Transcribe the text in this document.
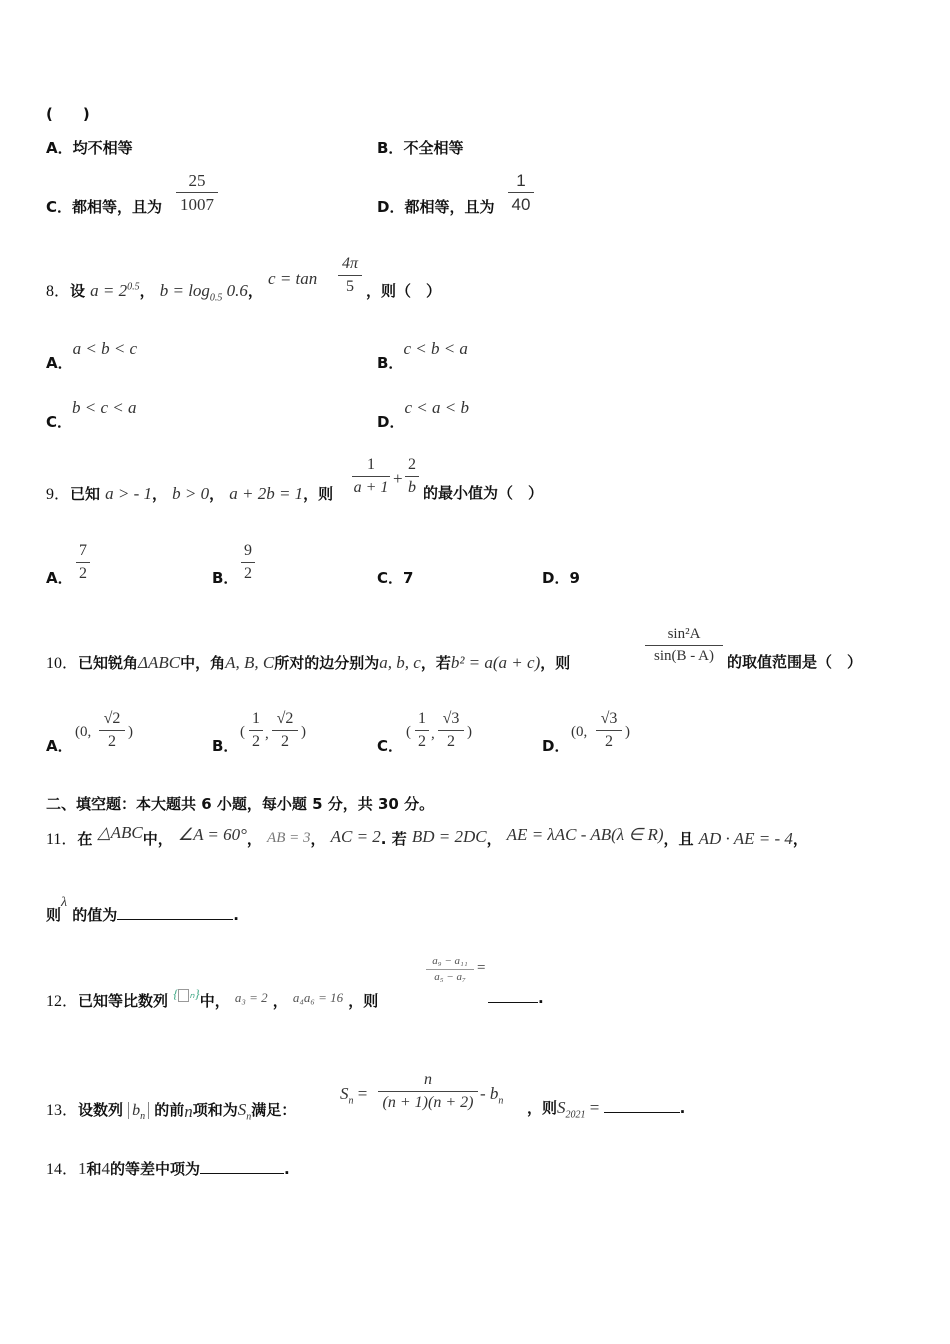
(　　)
A．均不相等	B．不全相等
C．都相等，且为
25
1007	D．都相等，且为
1
40
8．设 $a = 2^{0.5}$， $b = \log_{0.5} 0.6$， c = tan
4π
5 ，则（　）
A．a < b < c
B．c < b < a
C．b < c < a
D．c < a < b
9．已知 a > - 1， b > 0， a + 2b = 1，则
1
a + 1 +
2
b 的最小值为（　）
A．
7
2	B．
9
2	C．7	D．9
10．已知锐角ΔABC中，角A, B, C所对的边分别为a, b, c，若b² = a(a + c)，则
sin²A
sin(B - A) 的取值范围是（　）
A．
(0,
√2
2
)
B．
(
1
2 ,
√2
2
)
C．
(
1
2 ,
√3
2
)
D．
(0,
√3
2
)
二、填空题：本大题共 6 小题，每小题 5 分，共 30 分。
11．在 △ABC中， ∠A = 60°， AB = 3， AC = 2. 若 BD = 2DC， AE = λAC - AB(λ ∈ R)，且 AD · AE = - 4，
则λ 的值为	.
12．已知等比数列 $^{\{ _n\}}$中， $^{a_3 = 2}$ ， $^{a_4a_6 = 16}$ ，则
a₉ − a₁₁
a₅ − a₇
=
.
13．设数列 $b_n$ 的前n项和为$S_n$满足：
$S_n$ =
n
$(n + 1)(n + 2) - b_n$ ，则$S_{2021}$ =	.
14．1和4的等差中项为	.
